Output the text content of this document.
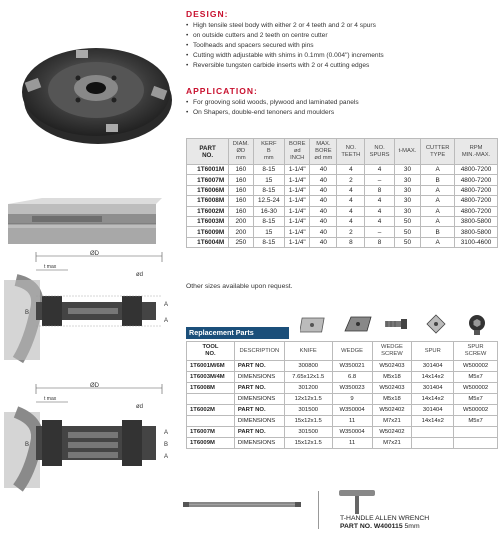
ØD
t max
ød
B
A
A
ØD
t max
ød
B
A
B
A
DESIGN:
• High tensile steel body with either 2 or 4 teeth and 2 or 4 spurs
• on outside cutters and 2 teeth on centre cutter
• Toolheads and spacers secured with pins
• Cutting width adjustable with shims in 0.1mm (0.004") increments
• Reversible tungsten carbide inserts with 2 or 4 cutting edges
APPLICATION:
• For grooving solid woods, plywood and laminated panels
• On Shapers, double-end tenoners and moulders
PART
NO.	DIAM.
ØD
mm	KERF
B
mm	BORE
ød
INCH	MAX.
BORE
ød mm	NO.
TEETH	NO.
SPURS	t-MAX.	CUTTER
TYPE	RPM
MIN.-MAX.
1T6001M	160	8-15	1-1/4"	40	4	4	30	A	4800-7200
1T6007M	160	15	1-1/4"	40	2	–	30	B	4800-7200
1T6006M	160	8-15	1-1/4"	40	4	8	30	A	4800-7200
1T6008M	160	12.5-24	1-1/4"	40	4	4	30	A	4800-7200
1T6002M	160	16-30	1-1/4"	40	4	4	30	A	4800-7200
1T6003M	200	8-15	1-1/4"	40	4	4	50	A	3800-5800
1T6009M	200	15	1-1/4"	40	2	–	50	B	3800-5800
1T6004M	250	8-15	1-1/4"	40	8	8	50	A	3100-4600
Other sizes available upon request.
Replacement Parts
TOOL
NO.	DESCRIPTION	KNIFE	WEDGE	WEDGE
SCREW	SPUR	SPUR
SCREW
1T6001M/6M	PART NO.	300800	W350021	W502403	301404	W500002
1T6003M/4M	DIMENSIONS	7.65x12x1.5	6.8	M5x18	14x14x2	M5x7
1T6008M	PART NO.	301200	W350023	W502403	301404	W500002
	DIMENSIONS	12x12x1.5	9	M5x18	14x14x2	M5x7
1T6002M	PART NO.	301500	W350004	W502402	301404	W500002
	DIMENSIONS	15x12x1.5	11	M7x21	14x14x2	M5x7
1T6007M	PART NO.	301500	W350004	W502402		
1T6009M	DIMENSIONS	15x12x1.5	11	M7x21		
T-HANDLE ALLEN WRENCH
PART NO. W400115 5mm
